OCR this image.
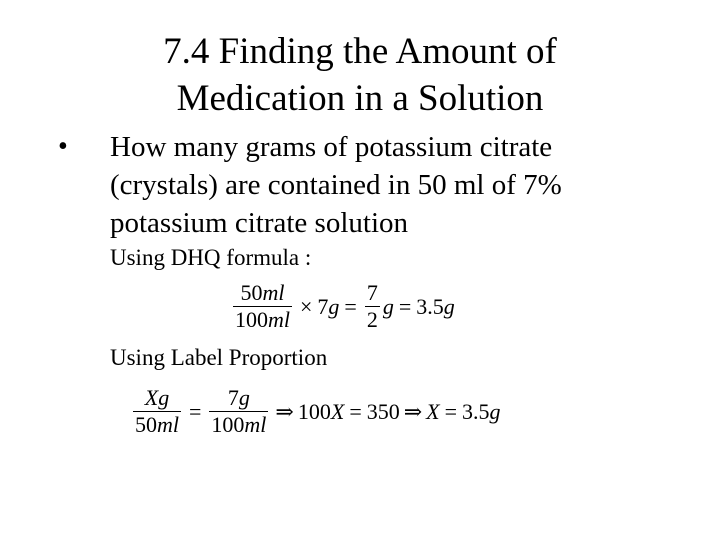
7.4 Finding the Amount of
Medication in a Solution
• How many grams of potassium citrate
(crystals) are contained in 50 ml of 7%
potassium citrate solution
Using DHQ formula :
$\frac{50ml}{100ml} \times 7g = \frac{7}{2}$ g = 3.5g
Using Label Proportion
$\frac{Xg}{50ml} = \frac{7g}{100ml}$ ⇒ 100X = 350 ⇒ X = 3.5g
